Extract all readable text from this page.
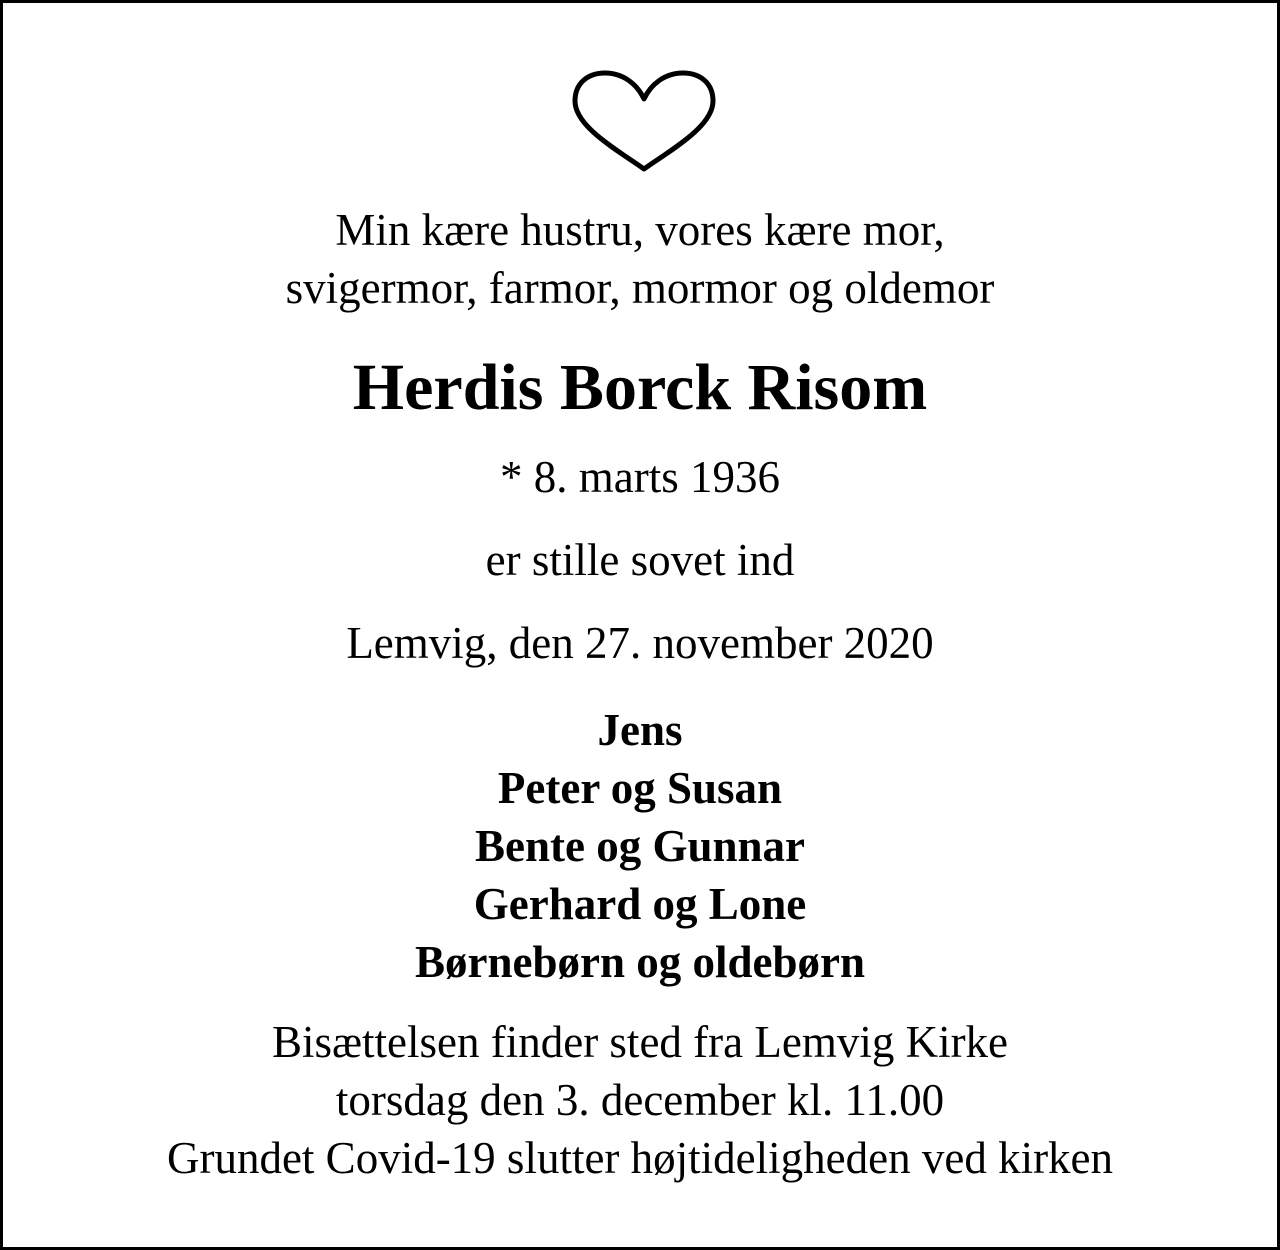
Min kære hustru, vores kære mor,
svigermor, farmor, mormor og oldemor
Herdis Borck Risom
* 8. marts 1936
er stille sovet ind
Lemvig, den 27. november 2020
Jens
Peter og Susan
Bente og Gunnar
Gerhard og Lone
Børnebørn og oldebørn
Bisættelsen finder sted fra Lemvig Kirke
torsdag den 3. december kl. 11.00
Grundet Covid-19 slutter højtideligheden ved kirken
